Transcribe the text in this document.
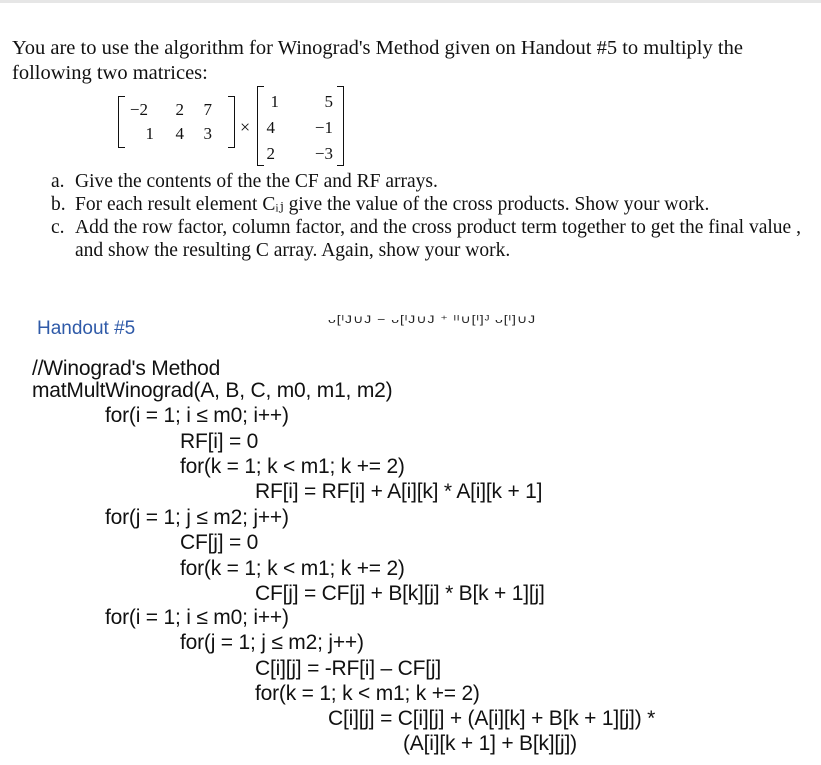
You are to use the algorithm for Winograd's Method given on Handout #5 to multiply the following two matrices:
−2	2	7
1	4	3 ×
1	5
4	−1
2	−3
a. Give the contents of the the CF and RF arrays.
b. For each result element Cᵢⱼ give the value of the cross products. Show your work.
c. Add the row factor, column factor, and the cross product term together to get the final value , and show the resulting C array. Again, show your work.
Handout #5	ᴗ[ᴵJ∪J − ᴗ[ᴵJ∪J ⁺ ᴵᴵ∪[ᴵ]ᴶ ᴗ[ᴵ]∪J
//Winograd's Method
matMultWinograd(A, B, C, m0, m1, m2)
for(i = 1; i ≤ m0; i++)
RF[i] = 0
for(k = 1; k < m1; k += 2)
RF[i] = RF[i] + A[i][k] * A[i][k + 1]
for(j = 1; j ≤ m2; j++)
CF[j] = 0
for(k = 1; k < m1; k += 2)
CF[j] = CF[j] + B[k][j] * B[k + 1][j]
for(i = 1; i ≤ m0; i++)
for(j = 1; j ≤ m2; j++)
C[i][j] = -RF[i] – CF[j]
for(k = 1; k < m1; k += 2)
C[i][j] = C[i][j] + (A[i][k] + B[k + 1][j]) *
(A[i][k + 1] + B[k][j])
